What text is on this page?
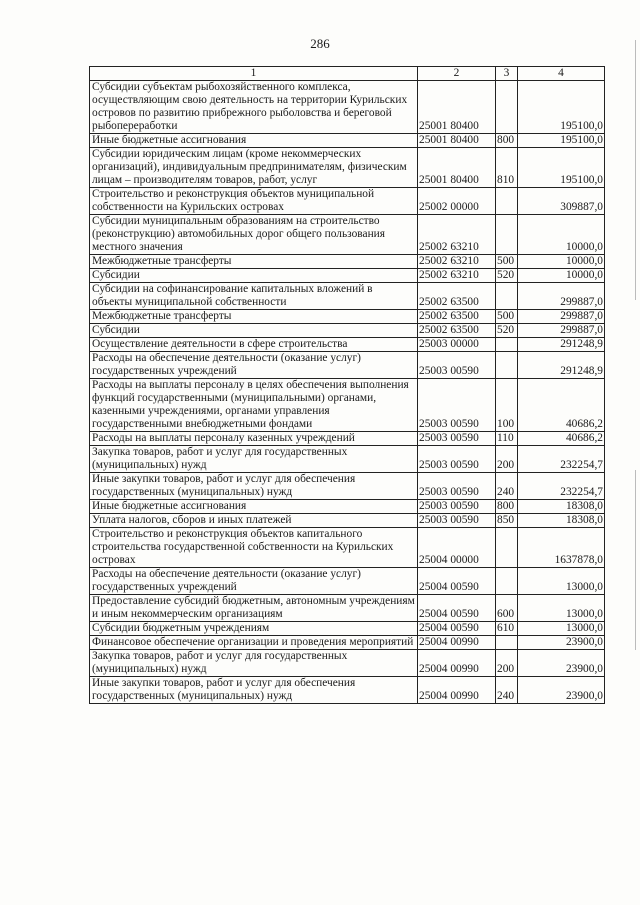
286
1	2	3	4
Субсидии субъектам рыбохозяйственного комплекса, осуществляющим свою деятельность на территории Курильских островов по развитию прибрежного рыболовства и береговой рыбопереработки	25001 80400		195100,0
Иные бюджетные ассигнования	25001 80400	800	195100,0
Субсидии юридическим лицам (кроме некоммерческих организаций), индивидуальным предпринимателям, физическим лицам – производителям товаров, работ, услуг	25001 80400	810	195100,0
Строительство и реконструкция объектов муниципальной собственности на Курильских островах	25002 00000		309887,0
Субсидии муниципальным образованиям на строительство (реконструкцию) автомобильных дорог общего пользования местного значения	25002 63210		10000,0
Межбюджетные трансферты	25002 63210	500	10000,0
Субсидии	25002 63210	520	10000,0
Субсидии на софинансирование капитальных вложений в объекты муниципальной собственности	25002 63500		299887,0
Межбюджетные трансферты	25002 63500	500	299887,0
Субсидии	25002 63500	520	299887,0
Осуществление деятельности в сфере строительства	25003 00000		291248,9
Расходы на обеспечение деятельности (оказание услуг) государственных учреждений	25003 00590		291248,9
Расходы на выплаты персоналу в целях обеспечения выполнения функций государственными (муниципальными) органами, казенными учреждениями, органами управления государственными внебюджетными фондами	25003 00590	100	40686,2
Расходы на выплаты персоналу казенных учреждений	25003 00590	110	40686,2
Закупка товаров, работ и услуг для государственных (муниципальных) нужд	25003 00590	200	232254,7
Иные закупки товаров, работ и услуг для обеспечения государственных (муниципальных) нужд	25003 00590	240	232254,7
Иные бюджетные ассигнования	25003 00590	800	18308,0
Уплата налогов, сборов и иных платежей	25003 00590	850	18308,0
Строительство и реконструкция объектов капитального строительства государственной собственности на Курильских островах	25004 00000		1637878,0
Расходы на обеспечение деятельности (оказание услуг) государственных учреждений	25004 00590		13000,0
Предоставление субсидий бюджетным, автономным учреждениям и иным некоммерческим организациям	25004 00590	600	13000,0
Субсидии бюджетным учреждениям	25004 00590	610	13000,0
Финансовое обеспечение организации и проведения мероприятий	25004 00990		23900,0
Закупка товаров, работ и услуг для государственных (муниципальных) нужд	25004 00990	200	23900,0
Иные закупки товаров, работ и услуг для обеспечения государственных (муниципальных) нужд	25004 00990	240	23900,0
